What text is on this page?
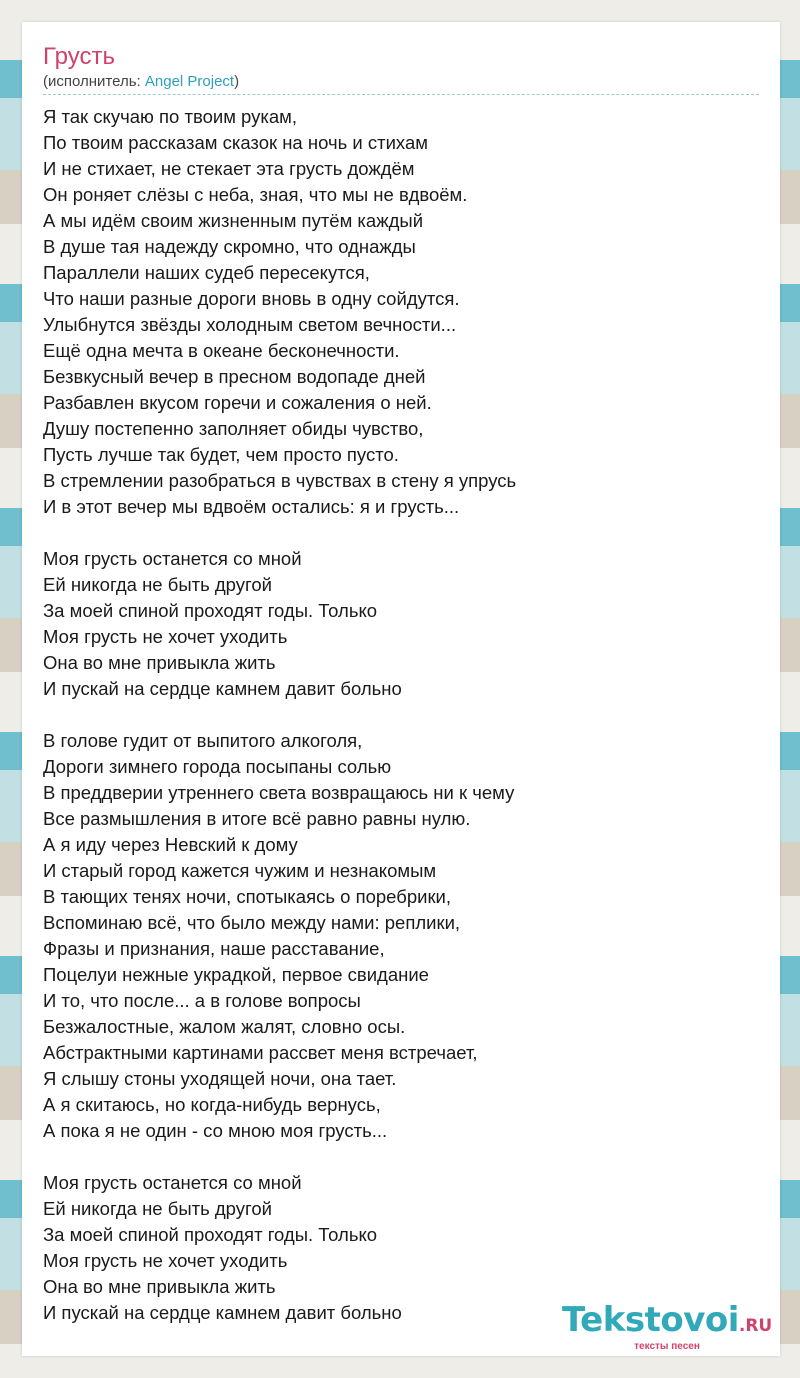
Грусть
(исполнитель: Angel Project)
Я так скучаю по твоим рукам,
По твоим рассказам сказок на ночь и стихам
И не стихает, не стекает эта грусть дождём
Он роняет слёзы с неба, зная, что мы не вдвоём.
А мы идём своим жизненным путём каждый
В душе тая надежду скромно, что однажды
Параллели наших судеб пересекутся,
Что наши разные дороги вновь в одну сойдутся.
Улыбнутся звёзды холодным светом вечности...
Ещё одна мечта в океане бесконечности.
Безвкусный вечер в пресном водопаде дней
Разбавлен вкусом горечи и сожаления о ней.
Душу постепенно заполняет обиды чувство,
Пусть лучше так будет, чем просто пусто.
В стремлении разобраться в чувствах в стену я упрусь
И в этот вечер мы вдвоём остались: я и грусть...
Моя грусть останется со мной
Ей никогда не быть другой
За моей спиной проходят годы. Только
Моя грусть не хочет уходить
Она во мне привыкла жить
И пускай на сердце камнем давит больно
В голове гудит от выпитого алкоголя,
Дороги зимнего города посыпаны солью
В преддверии утреннего света возвращаюсь ни к чему
Все размышления в итоге всё равно равны нулю.
А я иду через Невский к дому
И старый город кажется чужим и незнакомым
В тающих тенях ночи, спотыкаясь о поребрики,
Вспоминаю всё, что было между нами: реплики,
Фразы и признания, наше расставание,
Поцелуи нежные украдкой, первое свидание
И то, что после... а в голове вопросы
Безжалостные, жалом жалят, словно осы.
Абстрактными картинами рассвет меня встречает,
Я слышу стоны уходящей ночи, она тает.
А я скитаюсь, но когда-нибудь вернусь,
А пока я не один - со мною моя грусть...
Моя грусть останется со мной
Ей никогда не быть другой
За моей спиной проходят годы. Только
Моя грусть не хочет уходить
Она во мне привыкла жить
И пускай на сердце камнем давит больно	Tekstovoi.RU
тексты песен
